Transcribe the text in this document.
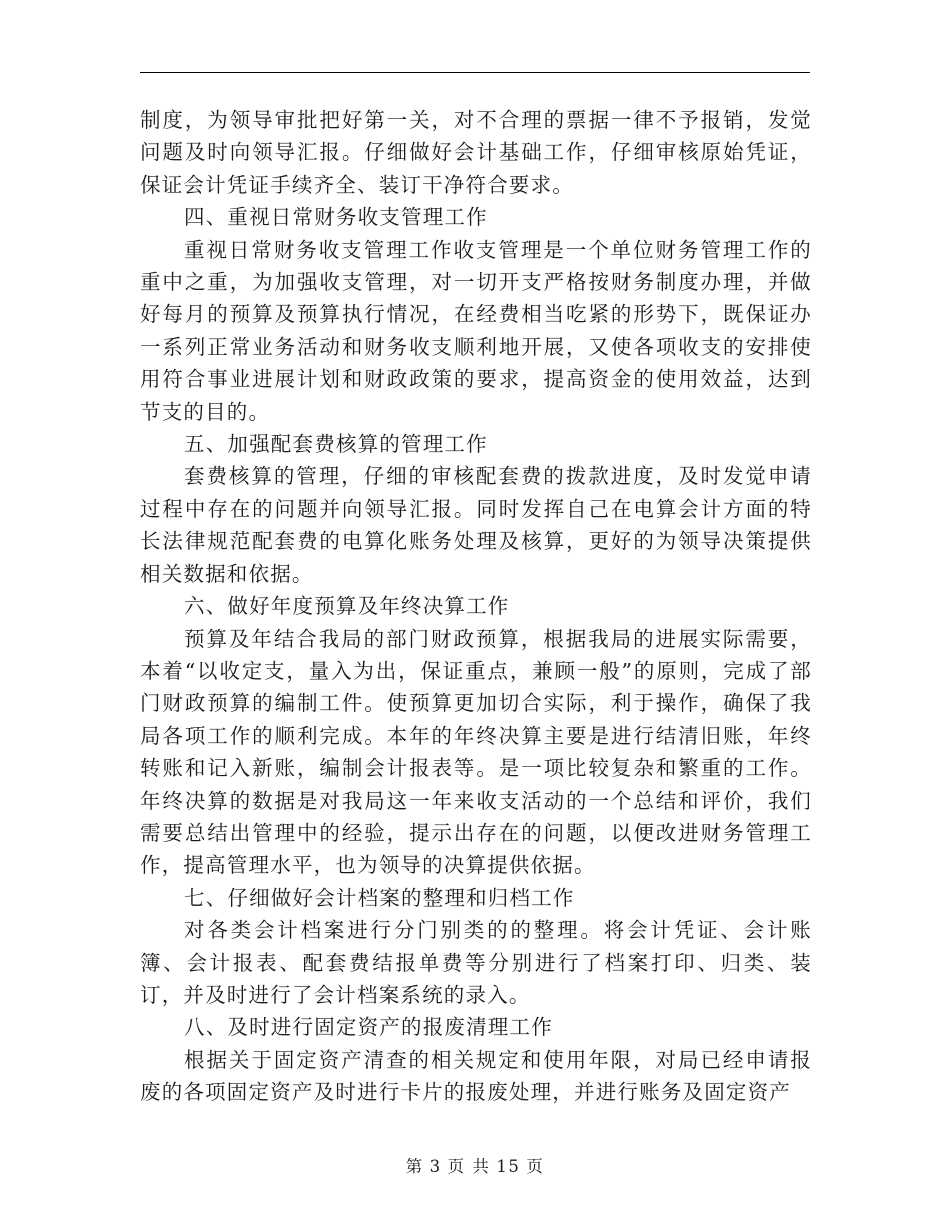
制度，为领导审批把好第一关，对不合理的票据一律不予报销，发觉问题及时向领导汇报。仔细做好会计基础工作，仔细审核原始凭证，保证会计凭证手续齐全、装订干净符合要求。

四、重视日常财务收支管理工作

重视日常财务收支管理工作收支管理是一个单位财务管理工作的重中之重，为加强收支管理，对一切开支严格按财务制度办理，并做好每月的预算及预算执行情况，在经费相当吃紧的形势下，既保证办一系列正常业务活动和财务收支顺利地开展，又使各项收支的安排使用符合事业进展计划和财政政策的要求，提高资金的使用效益，达到节支的目的。

五、加强配套费核算的管理工作

套费核算的管理，仔细的审核配套费的拨款进度，及时发觉申请过程中存在的问题并向领导汇报。同时发挥自己在电算会计方面的特长法律规范配套费的电算化账务处理及核算，更好的为领导决策提供相关数据和依据。

六、做好年度预算及年终决算工作

预算及年结合我局的部门财政预算，根据我局的进展实际需要，本着“以收定支，量入为出，保证重点，兼顾一般”的原则，完成了部门财政预算的编制工件。使预算更加切合实际，利于操作，确保了我局各项工作的顺利完成。本年的年终决算主要是进行结清旧账，年终转账和记入新账，编制会计报表等。是一项比较复杂和繁重的工作。年终决算的数据是对我局这一年来收支活动的一个总结和评价，我们需要总结出管理中的经验，提示出存在的问题，以便改进财务管理工作，提高管理水平，也为领导的决算提供依据。

七、仔细做好会计档案的整理和归档工作

对各类会计档案进行分门别类的的整理。将会计凭证、会计账簿、会计报表、配套费结报单费等分别进行了档案打印、归类、装订，并及时进行了会计档案系统的录入。

八、及时进行固定资产的报废清理工作

根据关于固定资产清查的相关规定和使用年限，对局已经申请报废的各项固定资产及时进行卡片的报废处理，并进行账务及固定资产

第 3 页 共 15 页
